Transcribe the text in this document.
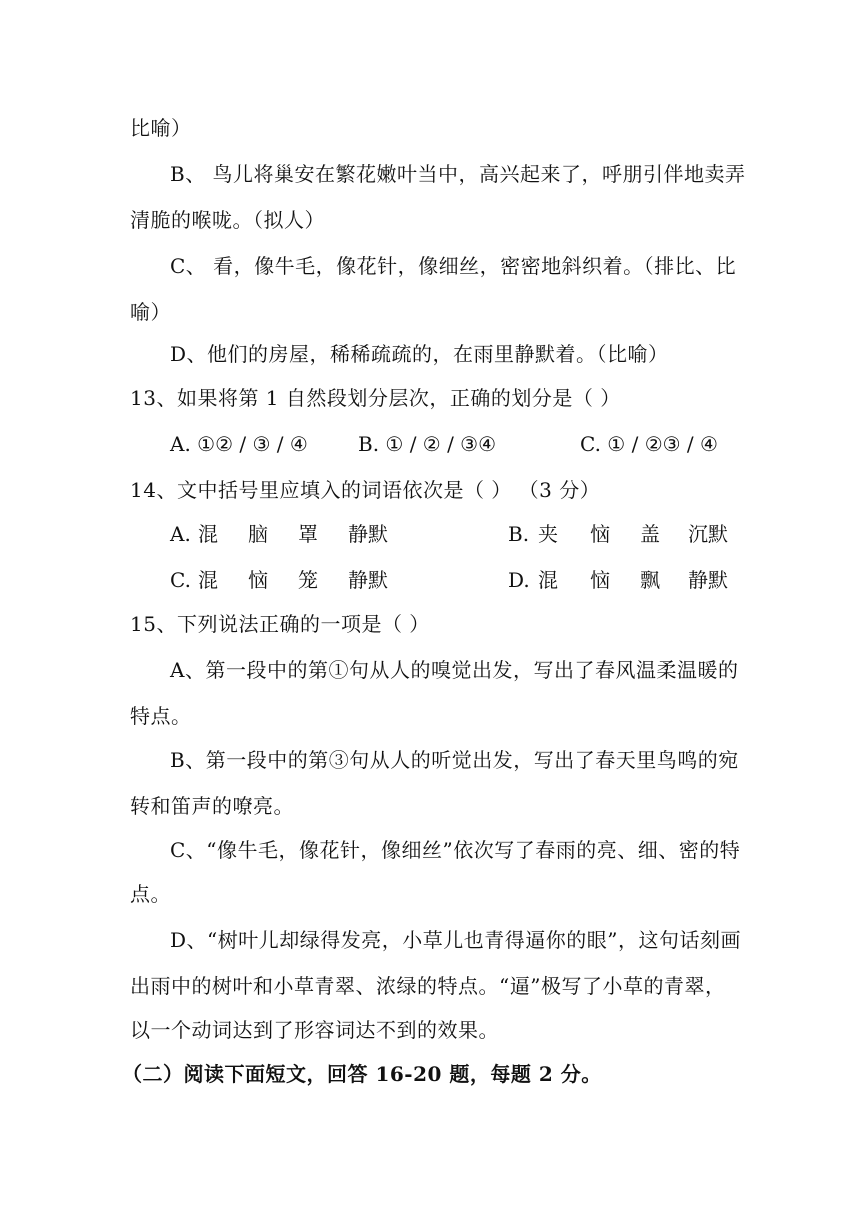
比喻）
B、 鸟儿将巢安在繁花嫩叶当中，高兴起来了，呼朋引伴地卖弄
清脆的喉咙。（拟人）
C、 看，像牛毛，像花针，像细丝，密密地斜织着。（排比、比
喻）
D、他们的房屋，稀稀疏疏的，在雨里静默着。（比喻）
13、如果将第 1 自然段划分层次，正确的划分是（ ）
A. ①② / ③ / ④	B. ① / ② / ③④	C. ① / ②③ / ④
14、文中括号里应填入的词语依次是（ ） （3 分）
A. 混 脑 罩 静默	B. 夹 恼 盖 沉默
C. 混 恼 笼 静默	D. 混 恼 飘 静默
15、下列说法正确的一项是（ ）
A、第一段中的第①句从人的嗅觉出发，写出了春风温柔温暖的
特点。
B、第一段中的第③句从人的听觉出发，写出了春天里鸟鸣的宛
转和笛声的嘹亮。
C、“像牛毛，像花针，像细丝”依次写了春雨的亮、细、密的特
点。
D、“树叶儿却绿得发亮，小草儿也青得逼你的眼”，这句话刻画
出雨中的树叶和小草青翠、浓绿的特点。“逼”极写了小草的青翠，
以一个动词达到了形容词达不到的效果。
（二）阅读下面短文，回答 16-20 题，每题 2 分。
